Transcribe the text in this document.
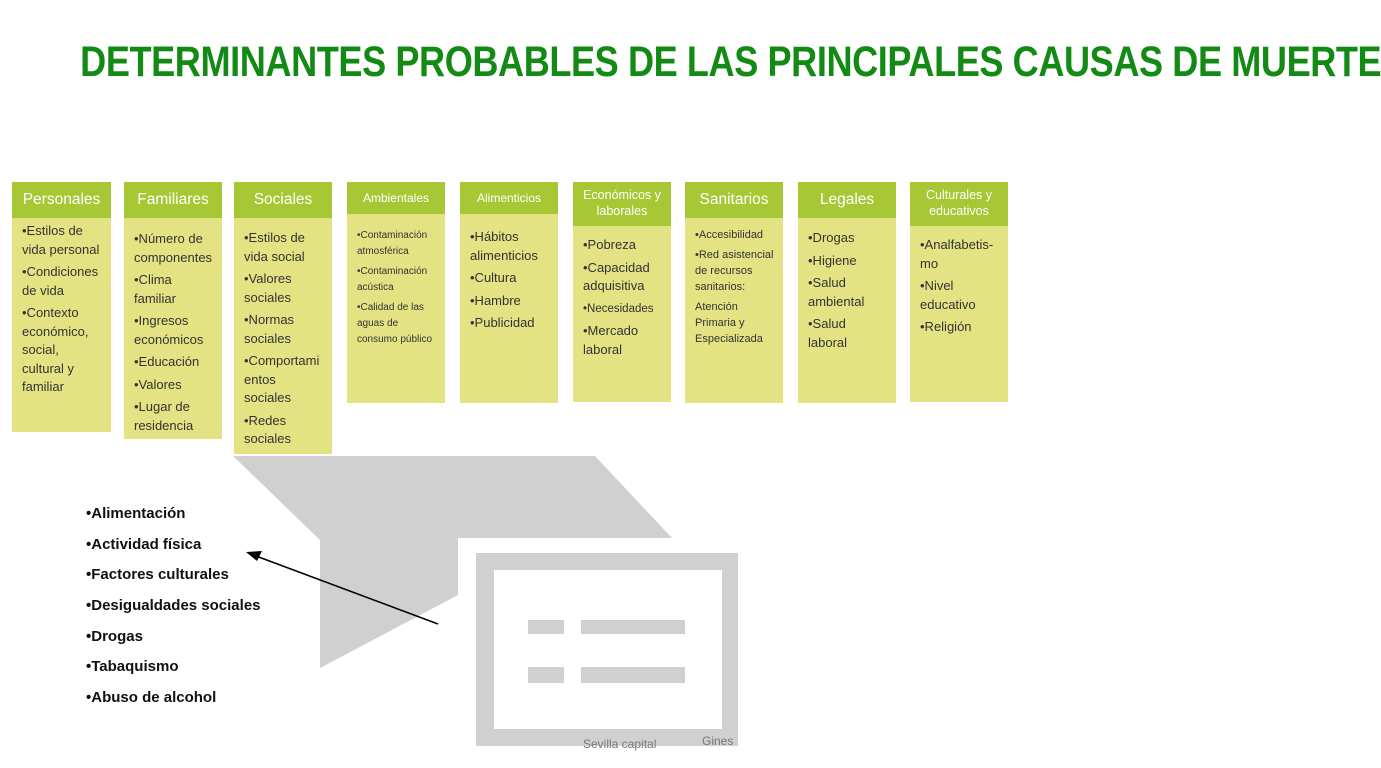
DETERMINANTES PROBABLES DE LAS PRINCIPALES CAUSAS DE MUERTE
Personales
•Estilos de vida personal
•Condiciones de vida
•Contexto económico, social, cultural y familiar
Familiares
•Número de componentes
•Clima familiar
•Ingresos económicos
•Educación
•Valores
•Lugar de residencia
Sociales
•Estilos de vida social
•Valores sociales
•Normas sociales
•Comportami entos sociales
•Redes sociales
Ambientales
•Contaminación atmosférica
•Contaminación acústica
•Calidad de las aguas de consumo público
Alimenticios
•Hábitos alimenticios
•Cultura
•Hambre
•Publicidad
Económicos y laborales
•Pobreza
•Capacidad adquisitiva
•Necesidades
•Mercado laboral
Sanitarios
•Accesibilidad
•Red asistencial de recursos sanitarios:
Atención Primaria y Especializada
Legales
•Drogas
•Higiene
•Salud ambiental
•Salud laboral
Culturales y educativos
•Analfabetis-mo
•Nivel educativo
•Religión
•Alimentación
•Actividad física
•Factores culturales
•Desigualdades sociales
•Drogas
•Tabaquismo
•Abuso de alcohol
Sevilla capital	Gines
